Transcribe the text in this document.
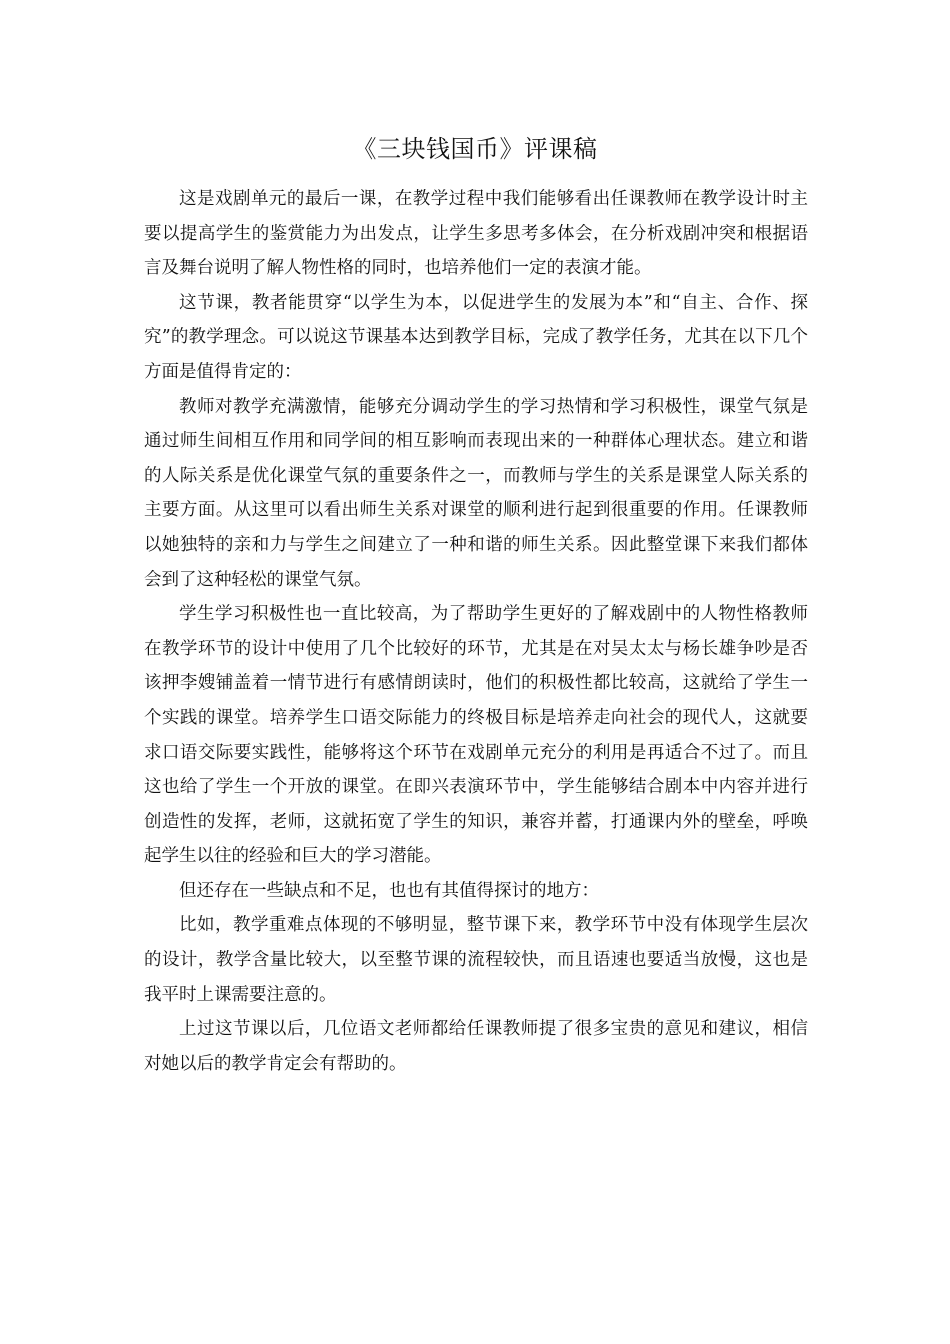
《三块钱国币》评课稿

这是戏剧单元的最后一课，在教学过程中我们能够看出任课教师在教学设计时主要以提高学生的鉴赏能力为出发点，让学生多思考多体会，在分析戏剧冲突和根据语言及舞台说明了解人物性格的同时，也培养他们一定的表演才能。

这节课，教者能贯穿“以学生为本，以促进学生的发展为本”和“自主、合作、探究”的教学理念。可以说这节课基本达到教学目标，完成了教学任务，尤其在以下几个方面是值得肯定的：

教师对教学充满激情，能够充分调动学生的学习热情和学习积极性，课堂气氛是通过师生间相互作用和同学间的相互影响而表现出来的一种群体心理状态。建立和谐的人际关系是优化课堂气氛的重要条件之一，而教师与学生的关系是课堂人际关系的主要方面。从这里可以看出师生关系对课堂的顺利进行起到很重要的作用。任课教师以她独特的亲和力与学生之间建立了一种和谐的师生关系。因此整堂课下来我们都体会到了这种轻松的课堂气氛。

学生学习积极性也一直比较高，为了帮助学生更好的了解戏剧中的人物性格教师在教学环节的设计中使用了几个比较好的环节，尤其是在对吴太太与杨长雄争吵是否该押李嫂铺盖着一情节进行有感情朗读时，他们的积极性都比较高，这就给了学生一个实践的课堂。培养学生口语交际能力的终极目标是培养走向社会的现代人，这就要求口语交际要实践性，能够将这个环节在戏剧单元充分的利用是再适合不过了。而且这也给了学生一个开放的课堂。在即兴表演环节中，学生能够结合剧本中内容并进行创造性的发挥，老师，这就拓宽了学生的知识，兼容并蓄，打通课内外的壁垒，呼唤起学生以往的经验和巨大的学习潜能。

但还存在一些缺点和不足，也也有其值得探讨的地方：

比如，教学重难点体现的不够明显，整节课下来，教学环节中没有体现学生层次的设计，教学含量比较大，以至整节课的流程较快，而且语速也要适当放慢，这也是我平时上课需要注意的。

上过这节课以后，几位语文老师都给任课教师提了很多宝贵的意见和建议，相信对她以后的教学肯定会有帮助的。
